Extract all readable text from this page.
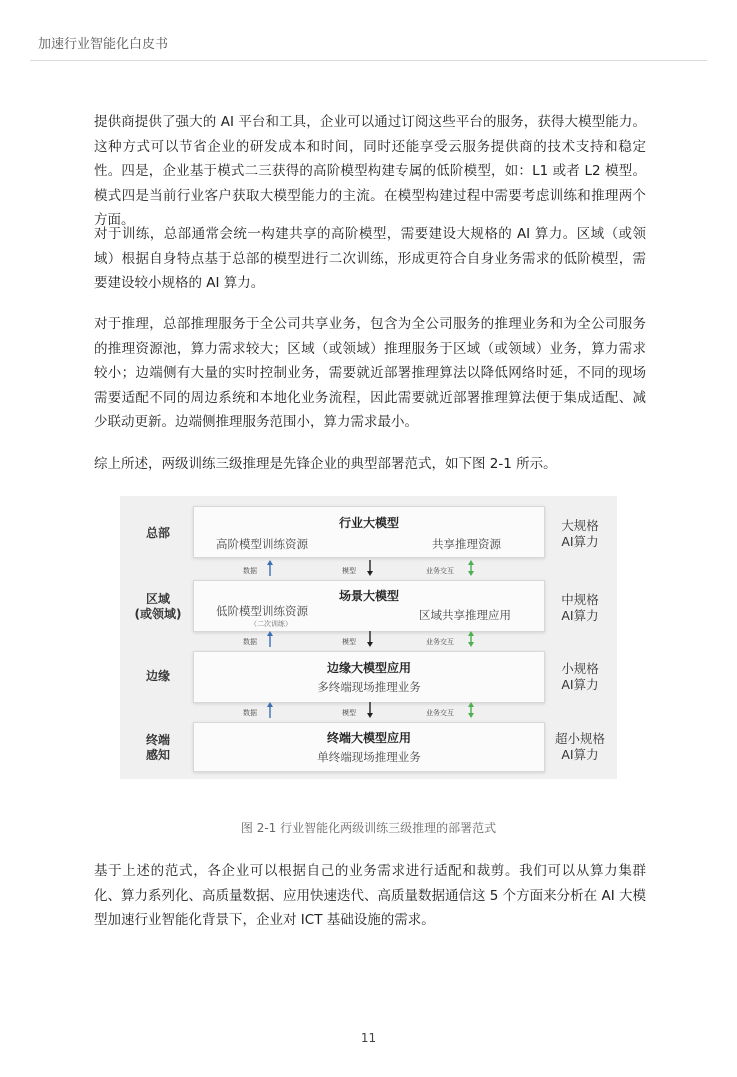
加速行业智能化白皮书

提供商提供了强大的 AI 平台和工具，企业可以通过订阅这些平台的服务，获得大模型能力。这种方式可以节省企业的研发成本和时间，同时还能享受云服务提供商的技术支持和稳定性。四是，企业基于模式二三获得的高阶模型构建专属的低阶模型，如：L1 或者 L2 模型。模式四是当前行业客户获取大模型能力的主流。在模型构建过程中需要考虑训练和推理两个方面。

对于训练，总部通常会统一构建共享的高阶模型，需要建设大规格的 AI 算力。区域（或领域）根据自身特点基于总部的模型进行二次训练，形成更符合自身业务需求的低阶模型，需要建设较小规格的 AI 算力。

对于推理，总部推理服务于全公司共享业务，包含为全公司服务的推理业务和为全公司服务的推理资源池，算力需求较大；区域（或领域）推理服务于区域（或领域）业务，算力需求较小；边端侧有大量的实时控制业务，需要就近部署推理算法以降低网络时延，不同的现场需要适配不同的周边系统和本地化业务流程，因此需要就近部署推理算法便于集成适配、减少联动更新。边端侧推理服务范围小，算力需求最小。

综上所述，两级训练三级推理是先锋企业的典型部署范式，如下图 2-1 所示。

总部
行业大模型
高阶模型训练资源	共享推理资源
大规格
AI算力
数据	模型	业务交互
区域
(或领域)
场景大模型
低阶模型训练资源
（二次训练）
区域共享推理应用
中规格
AI算力
数据	模型	业务交互
边缘
边缘大模型应用
多终端现场推理业务
小规格
AI算力
数据	模型	业务交互
终端
感知
终端大模型应用
单终端现场推理业务
超小规格
AI算力
图 2-1 行业智能化两级训练三级推理的部署范式

基于上述的范式，各企业可以根据自己的业务需求进行适配和裁剪。我们可以从算力集群化、算力系列化、高质量数据、应用快速迭代、高质量数据通信这 5 个方面来分析在 AI 大模型加速行业智能化背景下，企业对 ICT 基础设施的需求。

11
